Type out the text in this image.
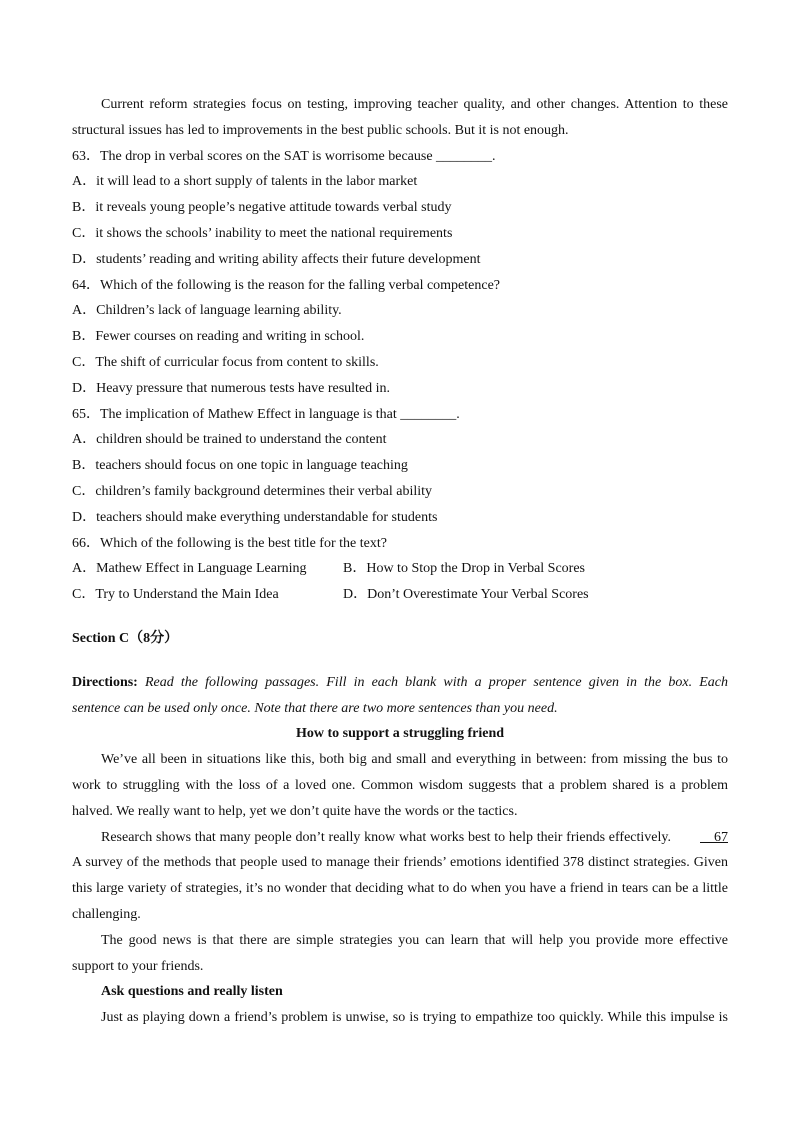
Current reform strategies focus on testing, improving teacher quality, and other changes. Attention to these
structural issues has led to improvements in the best public schools. But it is not enough.
63．The drop in verbal scores on the SAT is worrisome because ________.
A．it will lead to a short supply of talents in the labor market
B．it reveals young people’s negative attitude towards verbal study
C．it shows the schools’ inability to meet the national requirements
D．students’ reading and writing ability affects their future development
64．Which of the following is the reason for the falling verbal competence?
A．Children’s lack of language learning ability.
B．Fewer courses on reading and writing in school.
C．The shift of curricular focus from content to skills.
D．Heavy pressure that numerous tests have resulted in.
65．The implication of Mathew Effect in language is that ________.
A．children should be trained to understand the content
B．teachers should focus on one topic in language teaching
C．children’s family background determines their verbal ability
D．teachers should make everything understandable for students
66．Which of the following is the best title for the text?
A．Mathew Effect in Language Learning	B．How to Stop the Drop in Verbal Scores
C．Try to Understand the Main Idea	D．Don’t Overestimate Your Verbal Scores
Section C（8分）
Directions: Read the following passages. Fill in each blank with a proper sentence given in the box. Each
sentence can be used only once. Note that there are two more sentences than you need.
How to support a struggling friend
We’ve all been in situations like this, both big and small and everything in between: from missing the bus to
work to struggling with the loss of a loved one. Common wisdom suggests that a problem shared is a problem
halved. We really want to help, yet we don’t quite have the words or the tactics.
Research shows that many people don’t really know what works best to help their friends effectively.	67
A survey of the methods that people used to manage their friends’ emotions identified 378 distinct strategies. Given
this large variety of strategies, it’s no wonder that deciding what to do when you have a friend in tears can be a little
challenging.
The good news is that there are simple strategies you can learn that will help you provide more effective
support to your friends.
Ask questions and really listen
Just as playing down a friend’s problem is unwise, so is trying to empathize too quickly. While this impulse is
